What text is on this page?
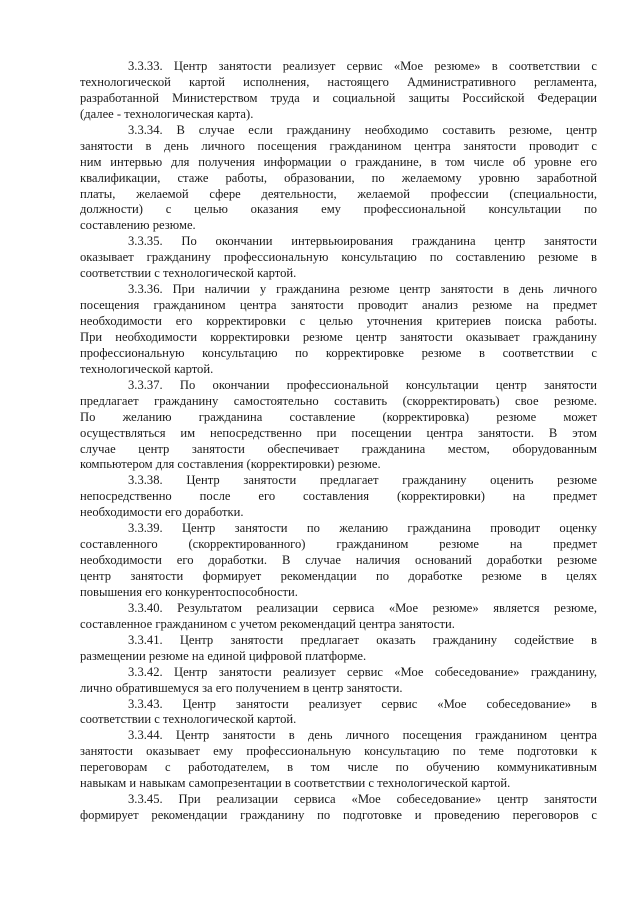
3.3.33. Центр занятости реализует сервис «Мое резюме» в соответствии с
технологической картой исполнения, настоящего Административного регламента,
разработанной Министерством труда и социальной защиты Российской Федерации
(далее - технологическая карта).
3.3.34. В случае если гражданину необходимо составить резюме, центр
занятости в день личного посещения гражданином центра занятости проводит с
ним интервью для получения информации о гражданине, в том числе об уровне его
квалификации, стаже работы, образовании, по желаемому уровню заработной
платы, желаемой сфере деятельности, желаемой профессии (специальности,
должности) с целью оказания ему профессиональной консультации по
составлению резюме.
3.3.35. По окончании интервьюирования гражданина центр занятости
оказывает гражданину профессиональную консультацию по составлению резюме в
соответствии с технологической картой.
3.3.36. При наличии у гражданина резюме центр занятости в день личного
посещения гражданином центра занятости проводит анализ резюме на предмет
необходимости его корректировки с целью уточнения критериев поиска работы.
При необходимости корректировки резюме центр занятости оказывает гражданину
профессиональную консультацию по корректировке резюме в соответствии с
технологической картой.
3.3.37. По окончании профессиональной консультации центр занятости
предлагает гражданину самостоятельно составить (скорректировать) свое резюме.
По желанию гражданина составление (корректировка) резюме может
осуществляться им непосредственно при посещении центра занятости. В этом
случае центр занятости обеспечивает гражданина местом, оборудованным
компьютером для составления (корректировки) резюме.
3.3.38. Центр занятости предлагает гражданину оценить резюме
непосредственно после его составления (корректировки) на предмет
необходимости его доработки.
3.3.39. Центр занятости по желанию гражданина проводит оценку
составленного (скорректированного) гражданином резюме на предмет
необходимости его доработки. В случае наличия оснований доработки резюме
центр занятости формирует рекомендации по доработке резюме в целях
повышения его конкурентоспособности.
3.3.40. Результатом реализации сервиса «Мое резюме» является резюме,
составленное гражданином с учетом рекомендаций центра занятости.
3.3.41. Центр занятости предлагает оказать гражданину содействие в
размещении резюме на единой цифровой платформе.
3.3.42. Центр занятости реализует сервис «Мое собеседование» гражданину,
лично обратившемуся за его получением в центр занятости.
3.3.43. Центр занятости реализует сервис «Мое собеседование» в
соответствии с технологической картой.
3.3.44. Центр занятости в день личного посещения гражданином центра
занятости оказывает ему профессиональную консультацию по теме подготовки к
переговорам с работодателем, в том числе по обучению коммуникативным
навыкам и навыкам самопрезентации в соответствии с технологической картой.
3.3.45. При реализации сервиса «Мое собеседование» центр занятости
формирует рекомендации гражданину по подготовке и проведению переговоров с
